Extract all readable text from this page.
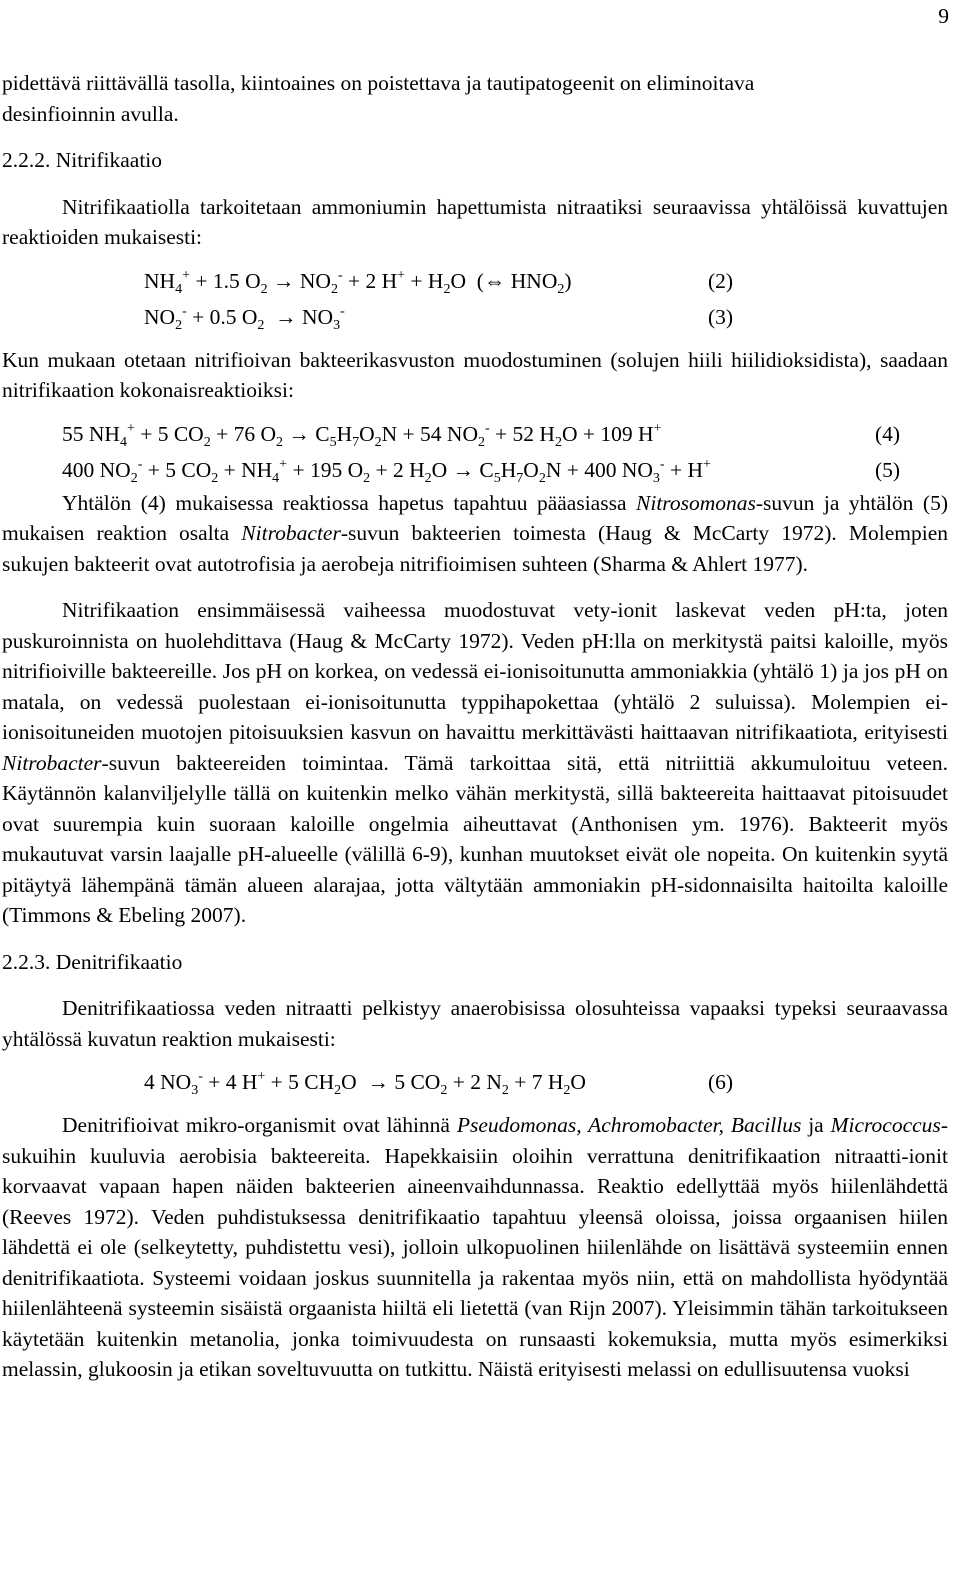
9

pidettävä riittävällä tasolla, kiintoaines on poistettava ja tautipatogeenit on eliminoitava
desinfioinnin avulla.

2.2.2. Nitrifikaatio

Nitrifikaatiolla tarkoitetaan ammoniumin hapettumista nitraatiksi seuraavissa yhtälöissä kuvattujen reaktioiden mukaisesti:

$NH_4^+ + 1.5$ $O_2 \to NO_2^- + 2$ $H^+ + H_2O$  (⇔ $HNO_2$)	(2)
$NO_2^- + 0.5$ $O_2 \to NO_3^-$	(3)

Kun mukaan otetaan nitrifioivan bakteerikasvuston muodostuminen (solujen hiili hiilidioksidista), saadaan nitrifikaation kokonaisreaktioiksi:

55 $NH_4^+ + 5$ $CO_2 + 76$ $O_2 \to C_5H_7O_2N + 54$ $NO_2^- + 52$ $H_2O + 109$ H+	(4)
400 $NO_2^- + 5$ $CO_2 + NH_4^+ + 195$ $O_2 + 2$ $H_2O \to C_5H_7O_2N + 400$ $NO_3^- + H^+$	(5)

Yhtälön (4) mukaisessa reaktiossa hapetus tapahtuu pääasiassa Nitrosomonas-suvun ja yhtälön (5) mukaisen reaktion osalta Nitrobacter-suvun bakteerien toimesta (Haug & McCarty 1972). Molempien sukujen bakteerit ovat autotrofisia ja aerobeja nitrifioimisen suhteen (Sharma & Ahlert 1977).

Nitrifikaation ensimmäisessä vaiheessa muodostuvat vety-ionit laskevat veden pH:ta, joten puskuroinnista on huolehdittava (Haug & McCarty 1972). Veden pH:lla on merkitystä paitsi kaloille, myös nitrifioiville bakteereille. Jos pH on korkea, on vedessä ei-ionisoitunutta ammoniakkia (yhtälö 1) ja jos pH on matala, on vedessä puolestaan ei-ionisoitunutta typpihapokettaa (yhtälö 2 suluissa). Molempien ei-ionisoituneiden muotojen pitoisuuksien kasvun on havaittu merkittävästi haittaavan nitrifikaatiota, erityisesti Nitrobacter-suvun bakteereiden toimintaa. Tämä tarkoittaa sitä, että nitriittiä akkumuloituu veteen. Käytännön kalanviljelylle tällä on kuitenkin melko vähän merkitystä, sillä bakteereita haittaavat pitoisuudet ovat suurempia kuin suoraan kaloille ongelmia aiheuttavat (Anthonisen ym. 1976). Bakteerit myös mukautuvat varsin laajalle pH-alueelle (välillä 6-9), kunhan muutokset eivät ole nopeita. On kuitenkin syytä pitäytyä lähempänä tämän alueen alarajaa, jotta vältytään ammoniakin pH-sidonnaisilta haitoilta kaloille (Timmons & Ebeling 2007).

2.2.3. Denitrifikaatio

Denitrifikaatiossa veden nitraatti pelkistyy anaerobisissa olosuhteissa vapaaksi typeksi seuraavassa yhtälössä kuvatun reaktion mukaisesti:

4 $NO_3^- + 4$ H+ + 5 $CH_2O \to 5$ $CO_2 + 2$ $N_2 + 7$ $H_2O$	(6)

Denitrifioivat mikro-organismit ovat lähinnä Pseudomonas, Achromobacter, Bacillus ja Micrococcus-sukuihin kuuluvia aerobisia bakteereita. Hapekkaisiin oloihin verrattuna denitrifikaation nitraatti-ionit korvaavat vapaan hapen näiden bakteerien aineenvaihdunnassa. Reaktio edellyttää myös hiilenlähdettä (Reeves 1972). Veden puhdistuksessa denitrifikaatio tapahtuu yleensä oloissa, joissa orgaanisen hiilen lähdettä ei ole (selkeytetty, puhdistettu vesi), jolloin ulkopuolinen hiilenlähde on lisättävä systeemiin ennen denitrifikaatiota. Systeemi voidaan joskus suunnitella ja rakentaa myös niin, että on mahdollista hyödyntää hiilenlähteenä systeemin sisäistä orgaanista hiiltä eli lietettä (van Rijn 2007). Yleisimmin tähän tarkoitukseen käytetään kuitenkin metanolia, jonka toimivuudesta on runsaasti kokemuksia, mutta myös esimerkiksi melassin, glukoosin ja etikan soveltuvuutta on tutkittu. Näistä erityisesti melassi on edullisuutensa vuoksi
